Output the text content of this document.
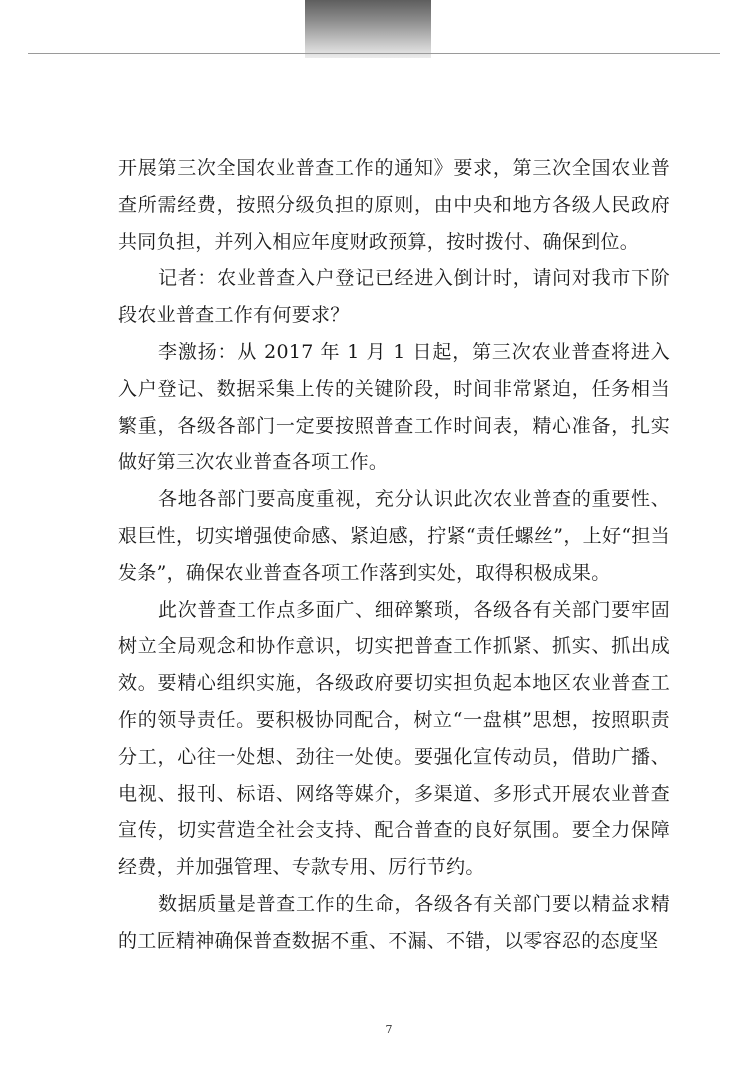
开展第三次全国农业普查工作的通知》要求，第三次全国农业普查所需经费，按照分级负担的原则，由中央和地方各级人民政府共同负担，并列入相应年度财政预算，按时拨付、确保到位。

记者：农业普查入户登记已经进入倒计时，请问对我市下阶段农业普查工作有何要求？

李激扬：从 2017 年 1 月 1 日起，第三次农业普查将进入入户登记、数据采集上传的关键阶段，时间非常紧迫，任务相当繁重，各级各部门一定要按照普查工作时间表，精心准备，扎实做好第三次农业普查各项工作。

各地各部门要高度重视，充分认识此次农业普查的重要性、艰巨性，切实增强使命感、紧迫感，拧紧“责任螺丝”，上好“担当发条”，确保农业普查各项工作落到实处，取得积极成果。

此次普查工作点多面广、细碎繁琐，各级各有关部门要牢固树立全局观念和协作意识，切实把普查工作抓紧、抓实、抓出成效。要精心组织实施，各级政府要切实担负起本地区农业普查工作的领导责任。要积极协同配合，树立“一盘棋”思想，按照职责分工，心往一处想、劲往一处使。要强化宣传动员，借助广播、电视、报刊、标语、网络等媒介，多渠道、多形式开展农业普查宣传，切实营造全社会支持、配合普查的良好氛围。要全力保障经费，并加强管理、专款专用、厉行节约。

数据质量是普查工作的生命，各级各有关部门要以精益求精的工匠精神确保普查数据不重、不漏、不错，以零容忍的态度坚

7
